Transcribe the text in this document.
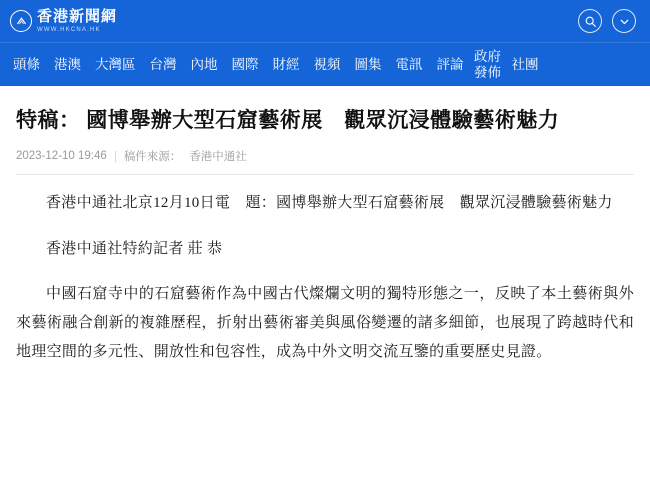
香港新聞網
WWW.HKCNA.HK
頭條	港澳	大灣區	台灣	內地	國際	財經	視頻	圖集	電訊	評論
政府發佈
社團
特稿： 國博舉辦大型石窟藝術展　觀眾沉浸體驗藝術魅力
2023-12-10 19:46 稿件來源： 香港中通社

香港中通社北京12月10日電　題：國博舉辦大型石窟藝術展　觀眾沉浸體驗藝術魅力

香港中通社特約記者 莊 恭

中國石窟寺中的石窟藝術作為中國古代燦爛文明的獨特形態之一，反映了本土藝術與外來藝術融合創新的複雜歷程，折射出藝術審美與風俗變遷的諸多細節，也展現了跨越時代和地理空間的多元性、開放性和包容性，成為中外文明交流互鑒的重要歷史見證。
